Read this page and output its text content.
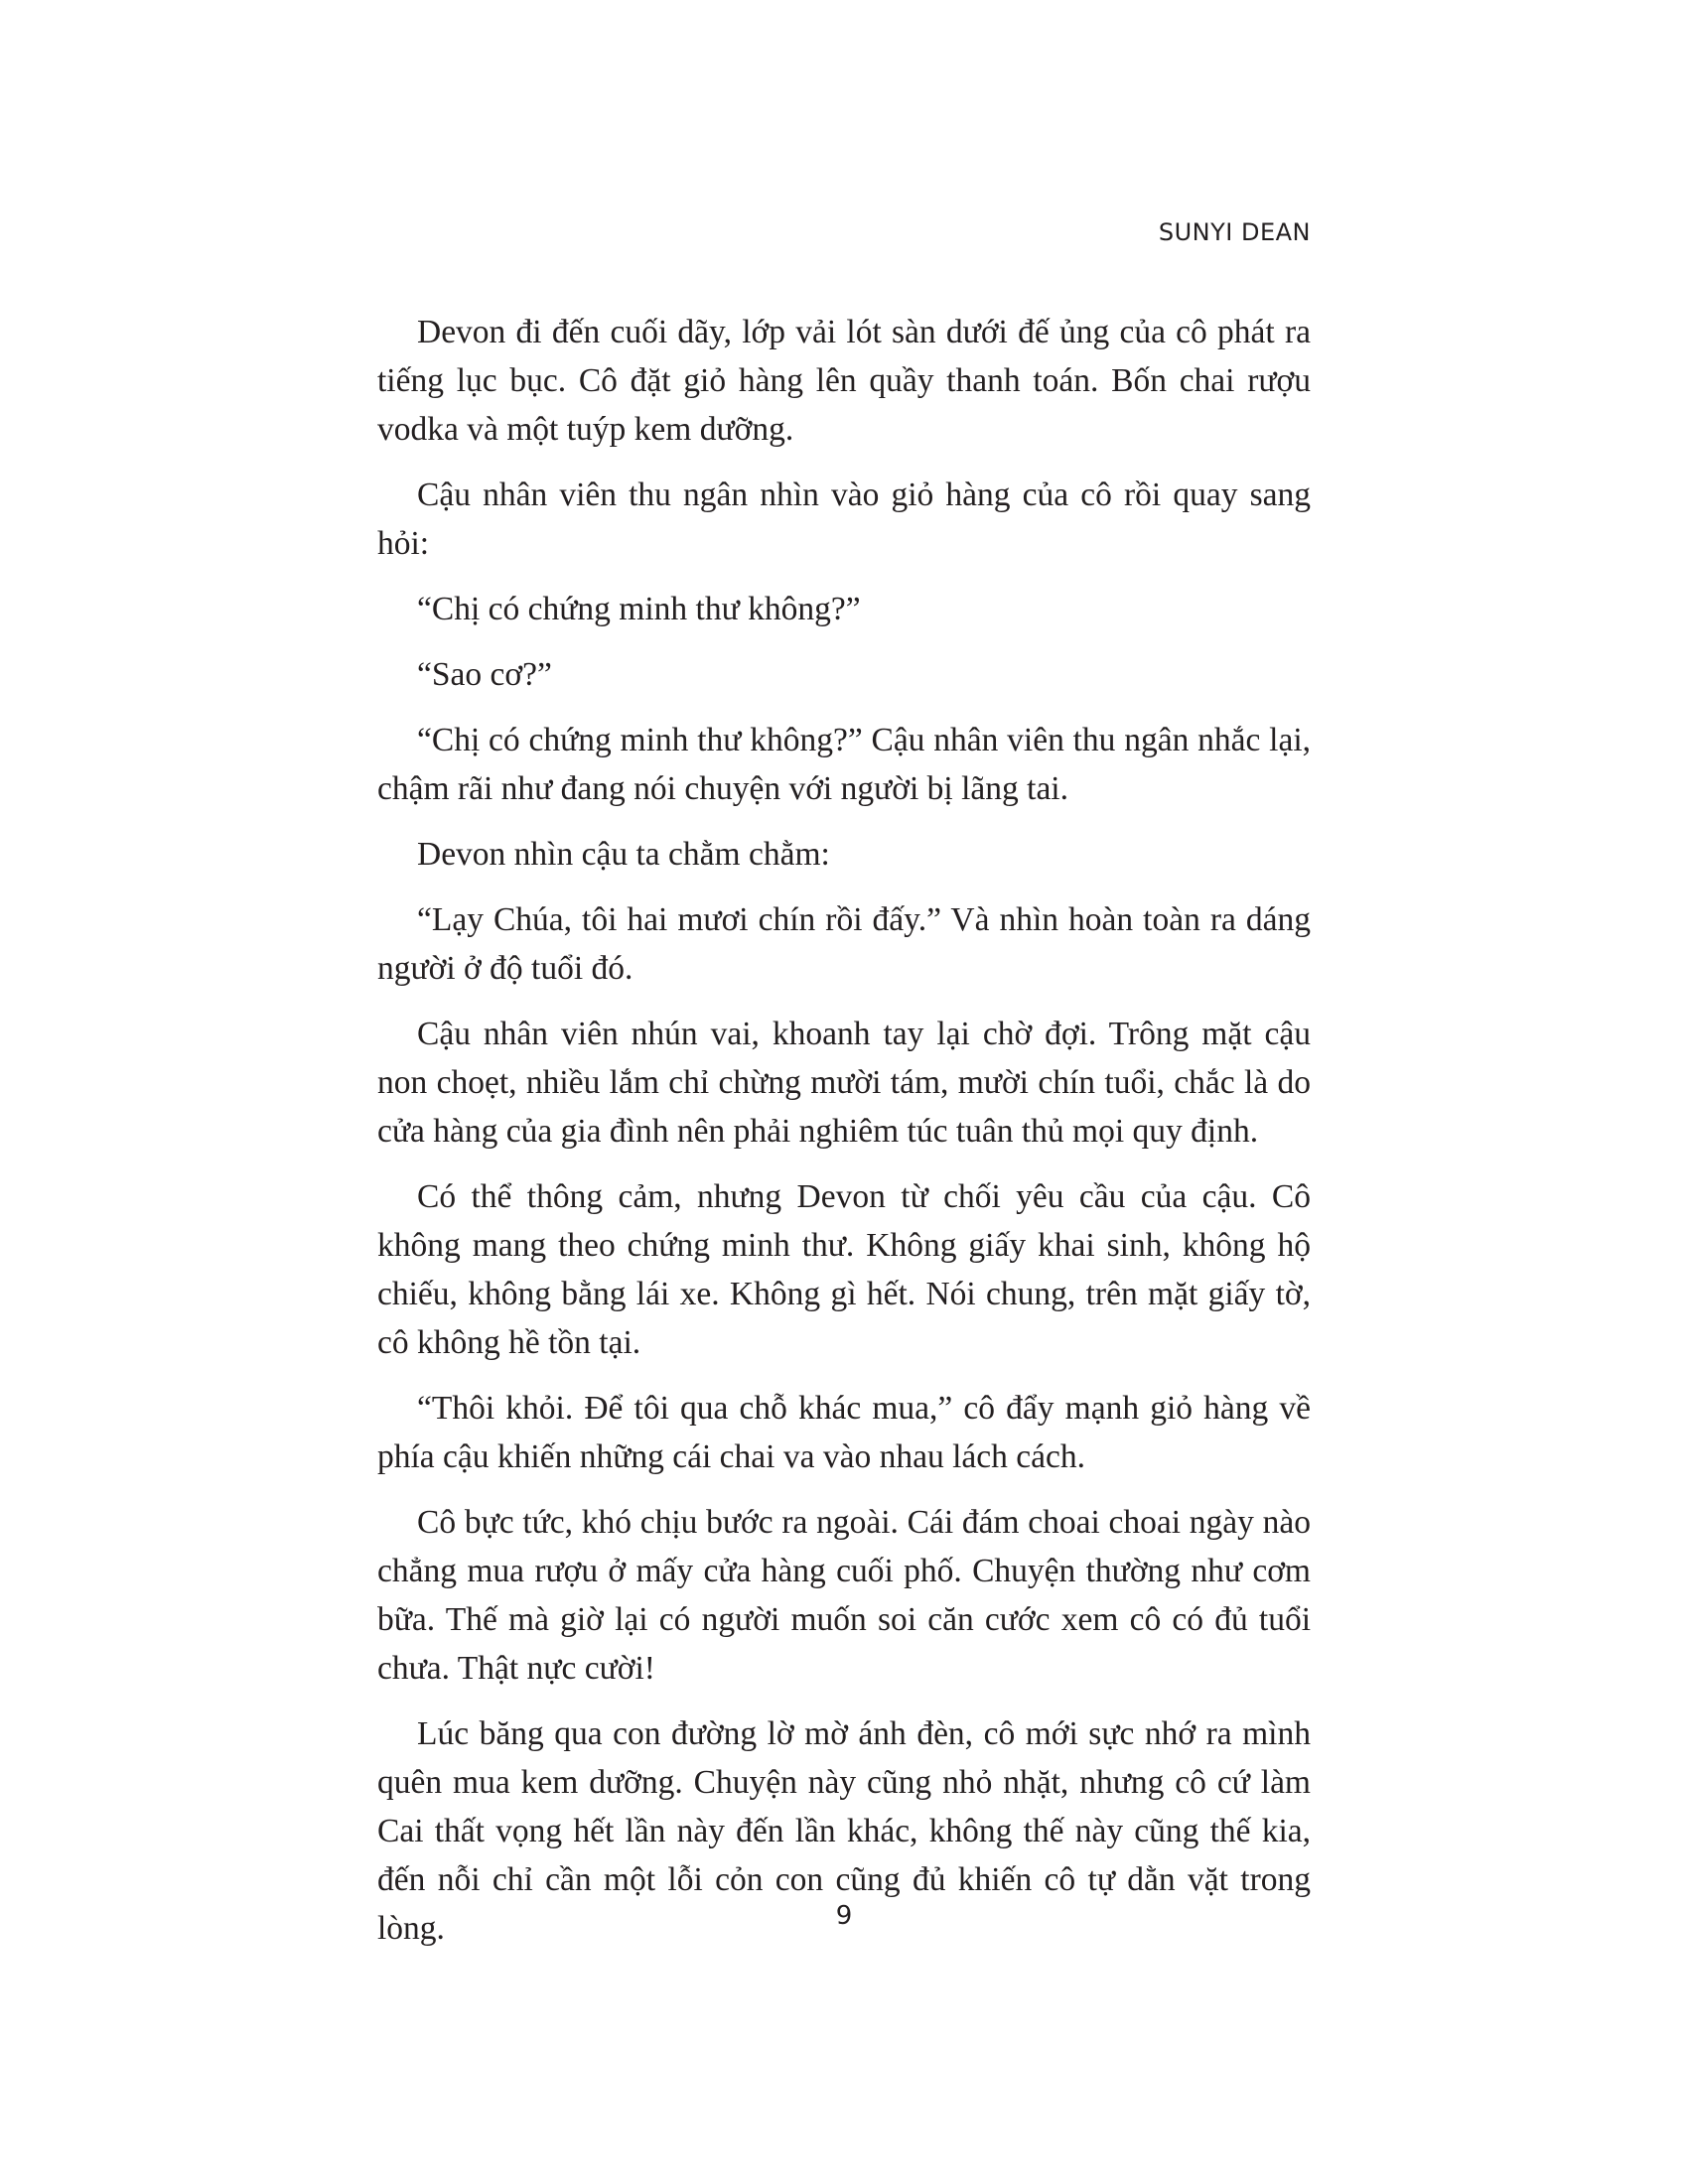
SUNYI DEAN

Devon đi đến cuối dãy, lớp vải lót sàn dưới đế ủng của cô phát ra tiếng lục bục. Cô đặt giỏ hàng lên quầy thanh toán. Bốn chai rượu vodka và một tuýp kem dưỡng.

Cậu nhân viên thu ngân nhìn vào giỏ hàng của cô rồi quay sang hỏi:

“Chị có chứng minh thư không?”

“Sao cơ?”

“Chị có chứng minh thư không?” Cậu nhân viên thu ngân nhắc lại, chậm rãi như đang nói chuyện với người bị lãng tai.

Devon nhìn cậu ta chằm chằm:

“Lạy Chúa, tôi hai mươi chín rồi đấy.” Và nhìn hoàn toàn ra dáng người ở độ tuổi đó.

Cậu nhân viên nhún vai, khoanh tay lại chờ đợi. Trông mặt cậu non choẹt, nhiều lắm chỉ chừng mười tám, mười chín tuổi, chắc là do cửa hàng của gia đình nên phải nghiêm túc tuân thủ mọi quy định.

Có thể thông cảm, nhưng Devon từ chối yêu cầu của cậu. Cô không mang theo chứng minh thư. Không giấy khai sinh, không hộ chiếu, không bằng lái xe. Không gì hết. Nói chung, trên mặt giấy tờ, cô không hề tồn tại.

“Thôi khỏi. Để tôi qua chỗ khác mua,” cô đẩy mạnh giỏ hàng về phía cậu khiến những cái chai va vào nhau lách cách.

Cô bực tức, khó chịu bước ra ngoài. Cái đám choai choai ngày nào chẳng mua rượu ở mấy cửa hàng cuối phố. Chuyện thường như cơm bữa. Thế mà giờ lại có người muốn soi căn cước xem cô có đủ tuổi chưa. Thật nực cười!

Lúc băng qua con đường lờ mờ ánh đèn, cô mới sực nhớ ra mình quên mua kem dưỡng. Chuyện này cũng nhỏ nhặt, nhưng cô cứ làm Cai thất vọng hết lần này đến lần khác, không thế này cũng thế kia, đến nỗi chỉ cần một lỗi cỏn con cũng đủ khiến cô tự dằn vặt trong lòng.	9
